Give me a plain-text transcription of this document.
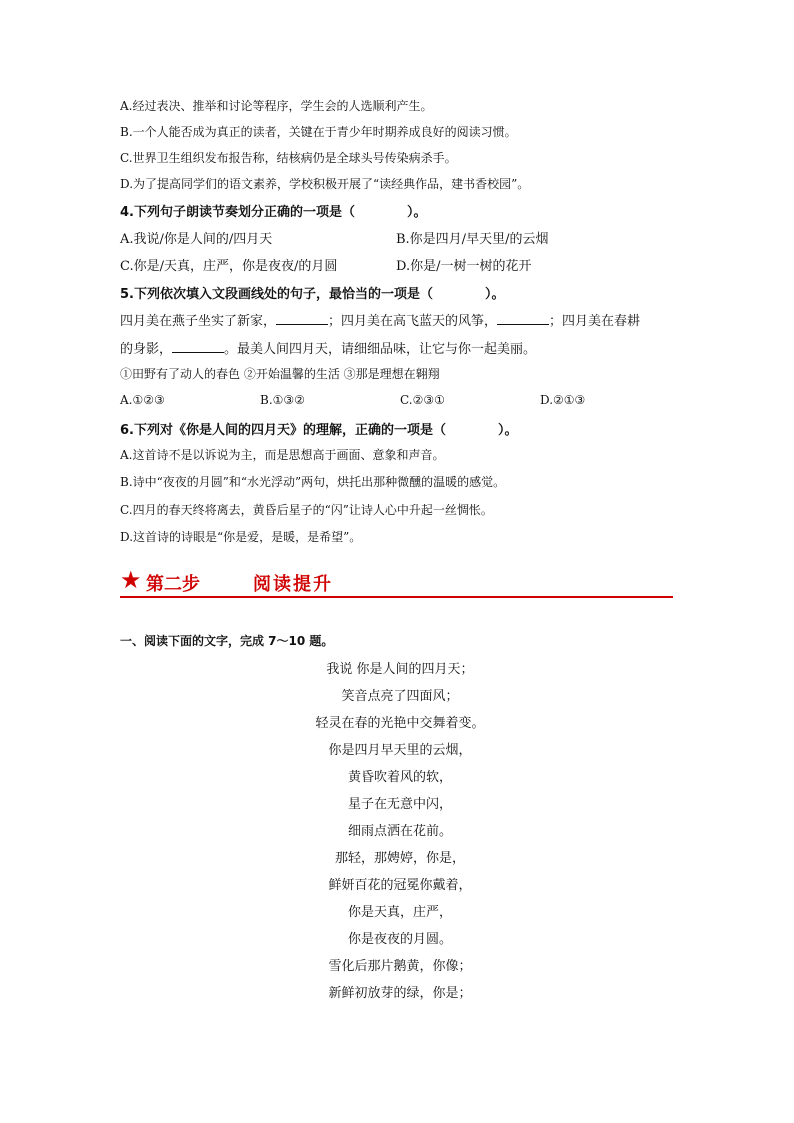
A.经过表决、推举和讨论等程序，学生会的人选顺利产生。
B.一个人能否成为真正的读者，关键在于青少年时期养成良好的阅读习惯。
C.世界卫生组织发布报告称，结核病仍是全球头号传染病杀手。
D.为了提高同学们的语文素养，学校积极开展了“读经典作品，建书香校园”。
4.下列句子朗读节奏划分正确的一项是（　　　　）。
A.我说/你是人间的/四月天	B.你是四月/早天里/的云烟
C.你是/天真，庄严，你是夜夜/的月圆	D.你是/一树一树的花开
5.下列依次填入文段画线处的句子，最恰当的一项是（　　　　）。
四月美在燕子坐实了新家，	；四月美在高飞蓝天的风筝，	；四月美在春耕
的身影，	。最美人间四月天，请细细品味，让它与你一起美丽。
①田野有了动人的春色 ②开始温馨的生活 ③那是理想在翱翔
A.①②③	B.①③②	C.②③①	D.②①③
6.下列对《你是人间的四月天》的理解，正确的一项是（　　　　）。
A.这首诗不是以诉说为主，而是思想高于画面、意象和声音。
B.诗中“夜夜的月圆”和“水光浮动”两句，烘托出那种微醺的温暖的感觉。
C.四月的春天终将离去，黄昏后星子的“闪”让诗人心中升起一丝惆怅。
D.这首诗的诗眼是“你是爱，是暖，是希望”。
★ 第二步	阅读提升
一、阅读下面的文字，完成 7～10 题。
我说 你是人间的四月天；
笑音点亮了四面风；
轻灵在春的光艳中交舞着变。
你是四月早天里的云烟，
黄昏吹着风的软，
星子在无意中闪，
细雨点洒在花前。
那轻，那娉婷，你是，
鲜妍百花的冠冕你戴着，
你是天真，庄严，
你是夜夜的月圆。
雪化后那片鹅黄，你像；
新鲜初放芽的绿，你是；
